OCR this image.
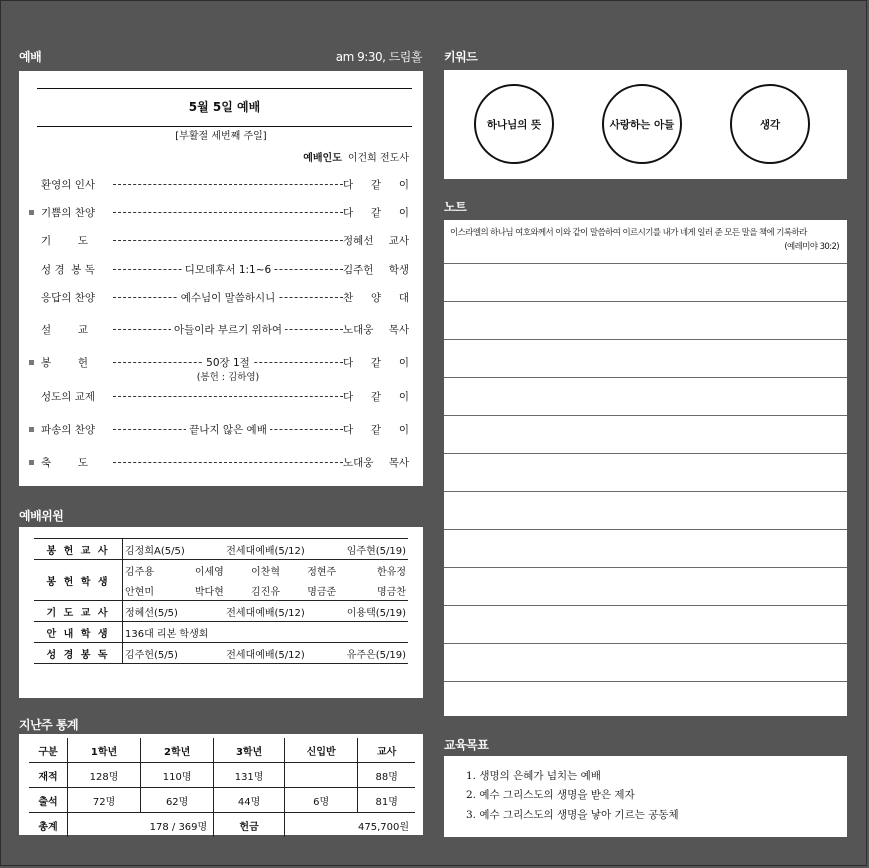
예배	am 9:30, 드림홀
예배위원
지난주 통계
키워드
노트
교육목표
5월 5일 예배
[부활절 세번째 주일]
예배인도 이건희 전도사
환영의 인사	다 같 이
기쁨의 찬양	다 같 이
기        도	정혜선 교사
성 경  봉 독	디모데후서 1:1~6	김주헌 학생
응답의 찬양	예수님이 말씀하시니	찬 양 대
설        교	아들이라 부르기 위하여	노대웅 목사
봉        헌	50장 1절	다 같 이
(봉헌 : 김하영)
성도의 교제	다 같 이
파송의 찬양	끝나지 않은 예배	다 같 이
축        도	노대웅 목사
봉 헌 교 사	김정희A(5/5) 전세대예배(5/12) 임주현(5/19)

봉 헌 학 생	김주용 이세영 이찬혁 정현주 한유정

	안현미 박다현 김진유 명금준 명금찬

기 도 교 사	정혜선(5/5) 전세대예배(5/12) 이용택(5/19)

안 내 학 생	136대 리본 학생회
성 경 봉 독	김주헌(5/5) 전세대예배(5/12) 유주은(5/19)
구분	1학년	2학년	3학년	신입반	교사
재적	128명	110명	131명		88명
출석	72명	62명	44명	6명	81명
총계	178 / 369명		헌금	475,700원	
하나님의 뜻	사랑하는 아들	생각
이스라엘의 하나님 여호와께서 이와 같이 말씀하여 이르시기를 내가 네게 일러 준 모든 말을 책에 기록하라
(예레미야 30:2)
1. 생명의 은혜가 넘치는 예배
2. 예수 그리스도의 생명을 받은 제자
3. 예수 그리스도의 생명을 낳아 기르는 공동체
